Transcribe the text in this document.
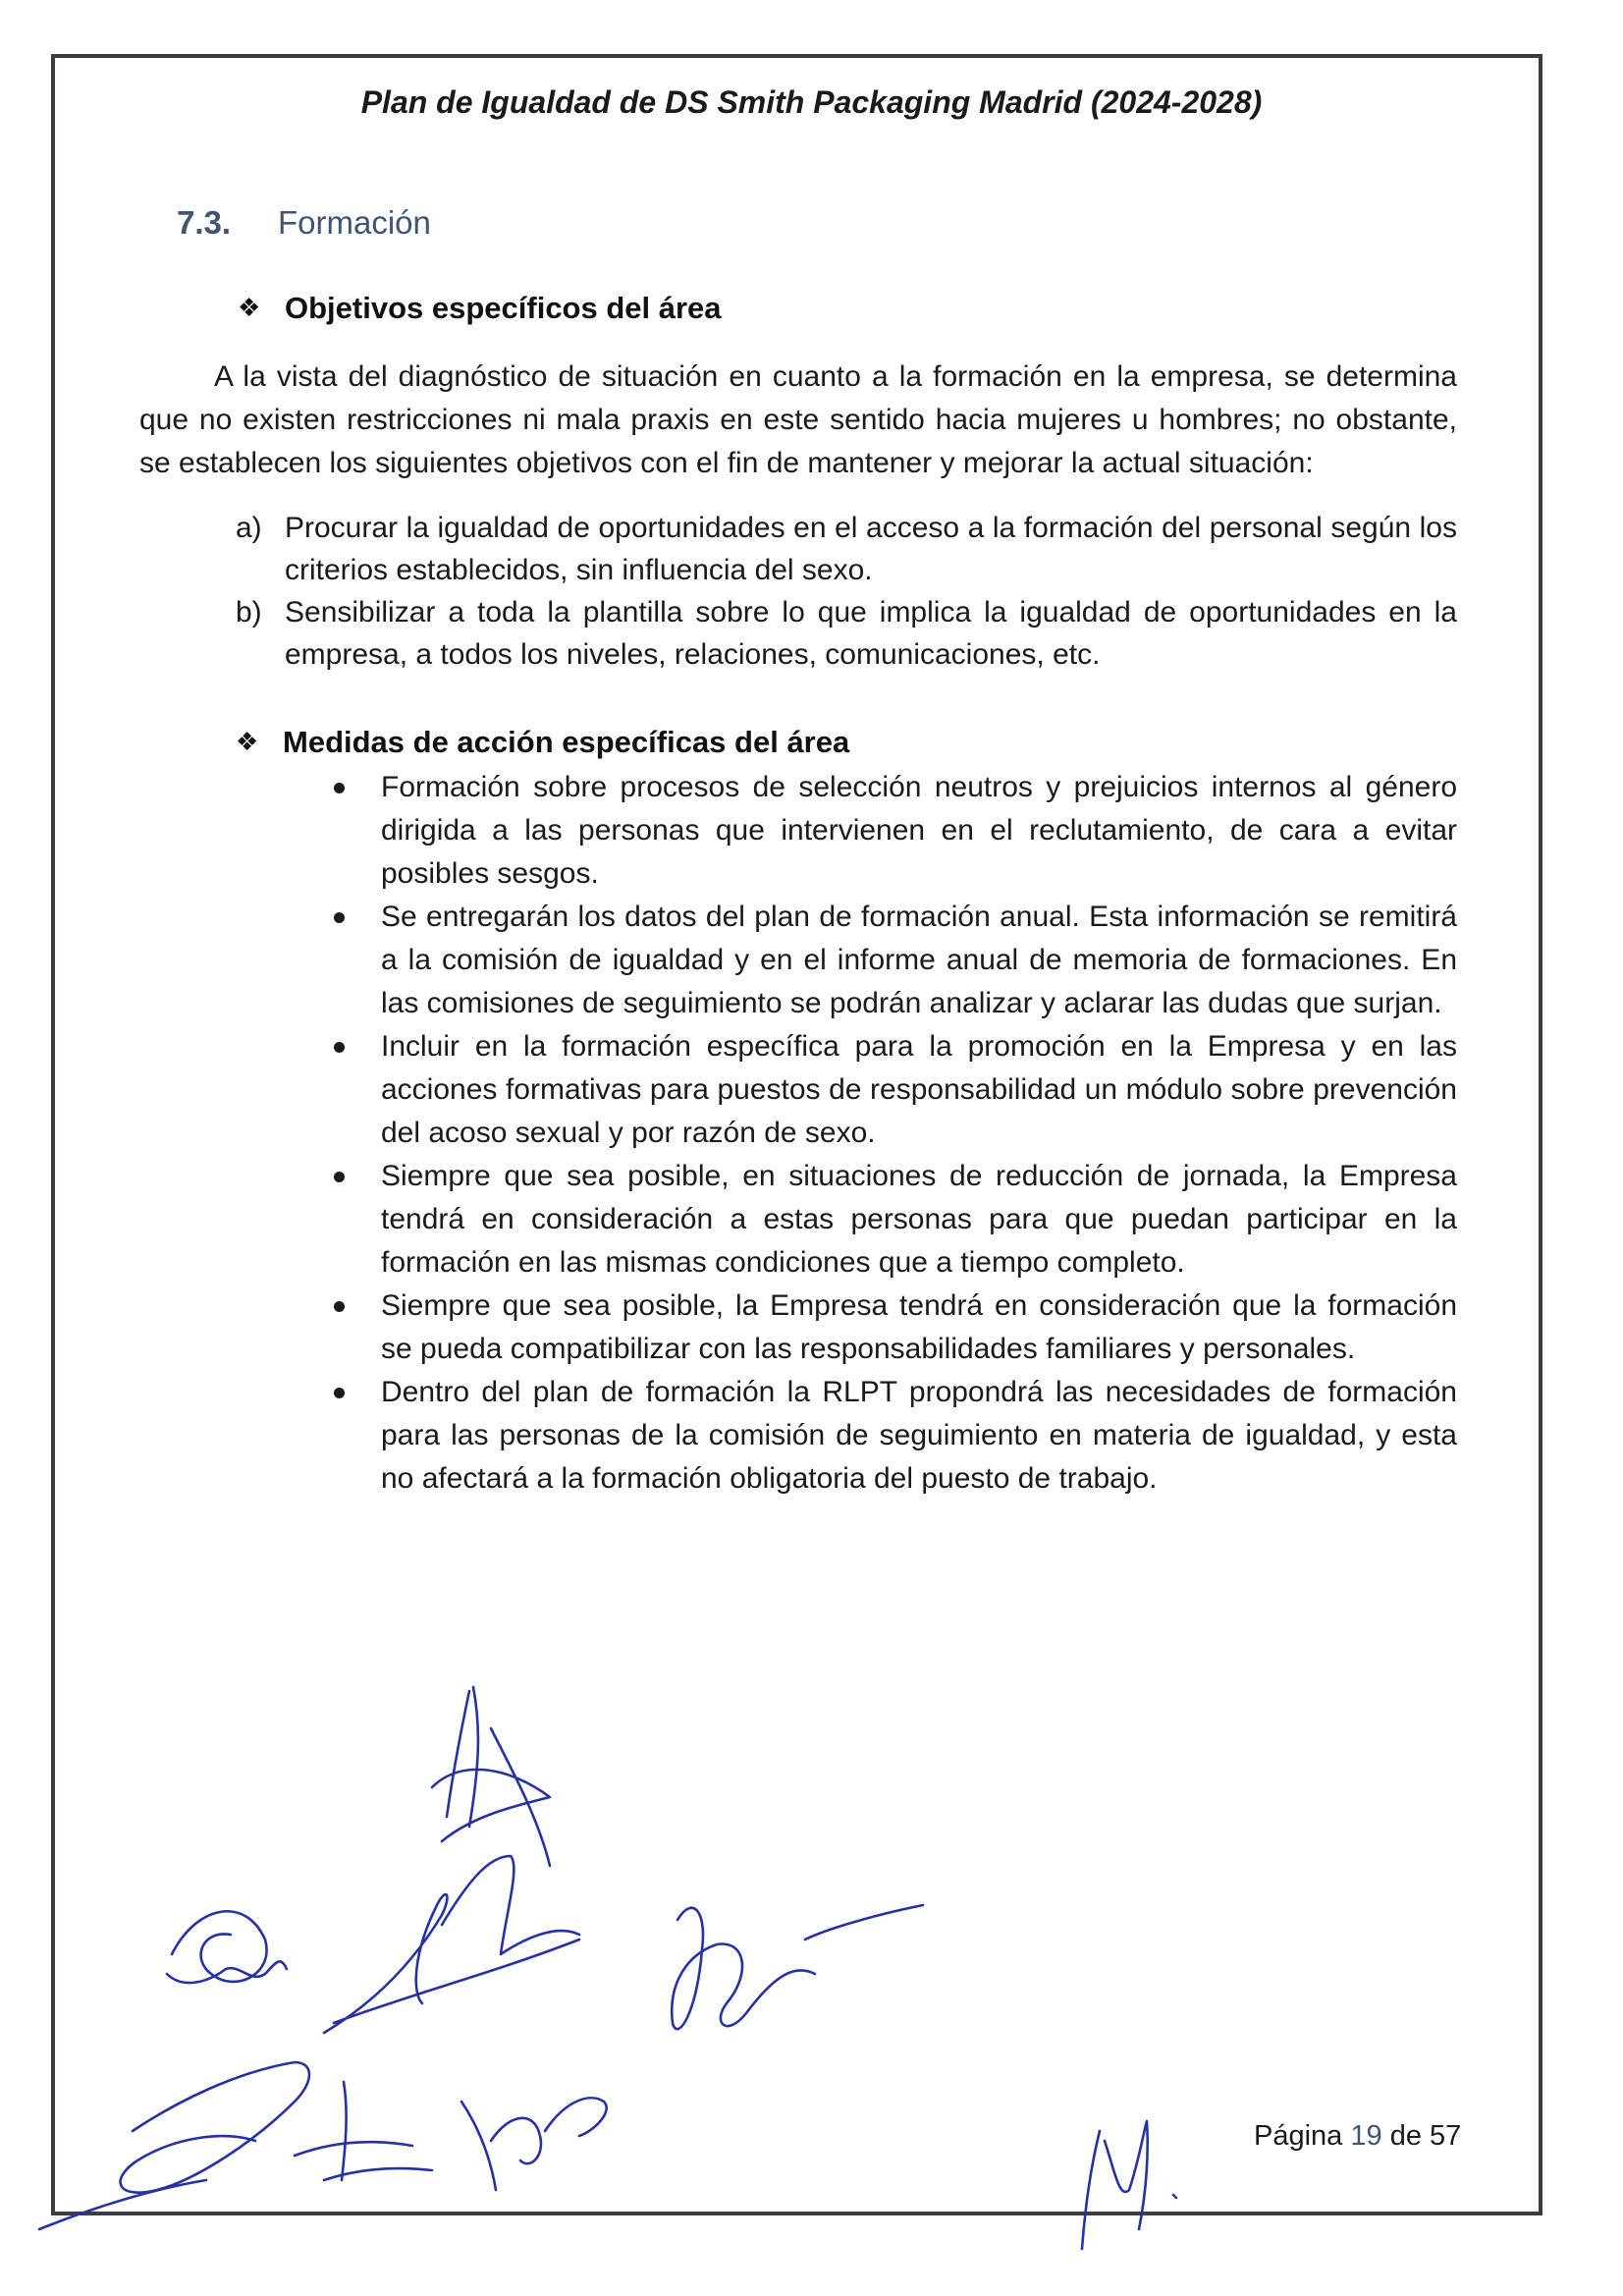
Plan de Igualdad de DS Smith Packaging Madrid (2024-2028)
7.3. Formación
❖ Objetivos específicos del área

A la vista del diagnóstico de situación en cuanto a la formación en la empresa, se determina que no existen restricciones ni mala praxis en este sentido hacia mujeres u hombres; no obstante, se establecen los siguientes objetivos con el fin de mantener y mejorar la actual situación:

a) Procurar la igualdad de oportunidades en el acceso a la formación del personal según los criterios establecidos, sin influencia del sexo.
b) Sensibilizar a toda la plantilla sobre lo que implica la igualdad de oportunidades en la empresa, a todos los niveles, relaciones, comunicaciones, etc.
❖ Medidas de acción específicas del área
Formación sobre procesos de selección neutros y prejuicios internos al género dirigida a las personas que intervienen en el reclutamiento, de cara a evitar posibles sesgos.
Se entregarán los datos del plan de formación anual. Esta información se remitirá a la comisión de igualdad y en el informe anual de memoria de formaciones. En las comisiones de seguimiento se podrán analizar y aclarar las dudas que surjan.
Incluir en la formación específica para la promoción en la Empresa y en las acciones formativas para puestos de responsabilidad un módulo sobre prevención del acoso sexual y por razón de sexo.
Siempre que sea posible, en situaciones de reducción de jornada, la Empresa tendrá en consideración a estas personas para que puedan participar en la formación en las mismas condiciones que a tiempo completo.
Siempre que sea posible, la Empresa tendrá en consideración que la formación se pueda compatibilizar con las responsabilidades familiares y personales.
Dentro del plan de formación la RLPT propondrá las necesidades de formación para las personas de la comisión de seguimiento en materia de igualdad, y esta no afectará a la formación obligatoria del puesto de trabajo.
Página 19 de 57
